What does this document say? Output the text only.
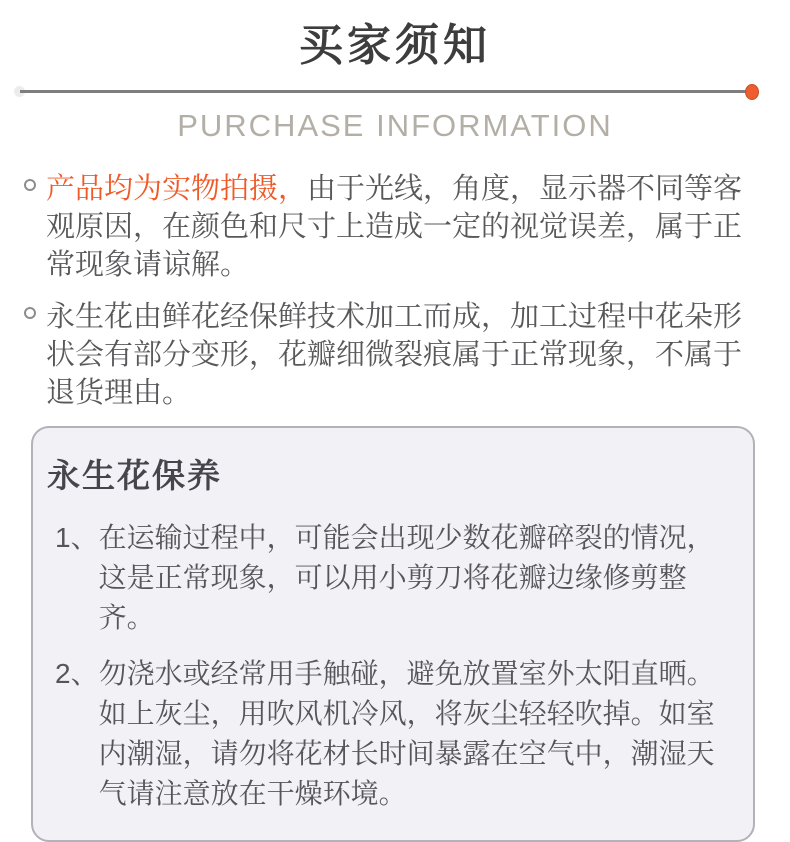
买家须知
PURCHASE INFORMATION
产品均为实物拍摄，由于光线，角度，显示器不同等客观原因，在颜色和尺寸上造成一定的视觉误差，属于正常现象请谅解。
永生花由鲜花经保鲜技术加工而成，加工过程中花朵形状会有部分变形，花瓣细微裂痕属于正常现象，不属于退货理由。
永生花保养
1、 在运输过程中，可能会出现少数花瓣碎裂的情况，这是正常现象，可以用小剪刀将花瓣边缘修剪整齐。
2、 勿浇水或经常用手触碰，避免放置室外太阳直晒。如上灰尘，用吹风机冷风，将灰尘轻轻吹掉。如室内潮湿，请勿将花材长时间暴露在空气中，潮湿天气请注意放在干燥环境。
